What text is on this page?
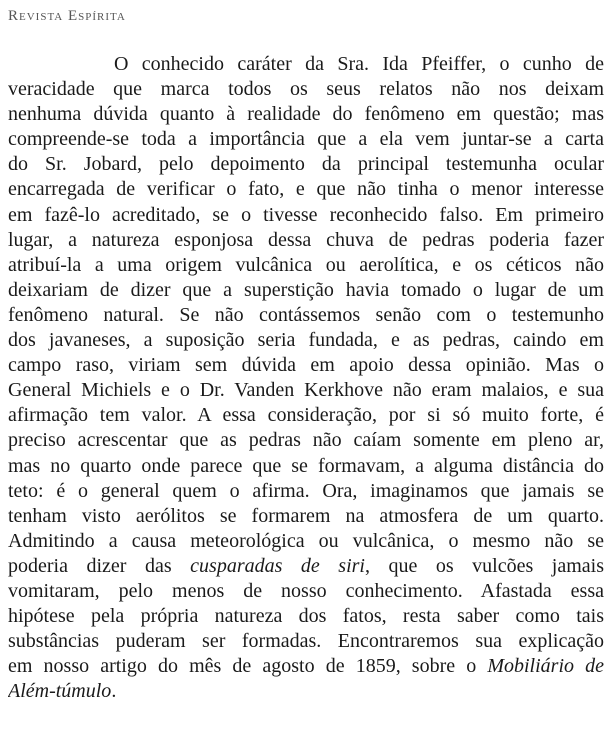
Revista Espírita
O conhecido caráter da Sra. Ida Pfeiffer, o cunho de
veracidade que marca todos os seus relatos não nos deixam
nenhuma dúvida quanto à realidade do fenômeno em questão; mas
compreende-se toda a importância que a ela vem juntar-se a carta
do Sr. Jobard, pelo depoimento da principal testemunha ocular
encarregada de verificar o fato, e que não tinha o menor interesse
em fazê-lo acreditado, se o tivesse reconhecido falso. Em primeiro
lugar, a natureza esponjosa dessa chuva de pedras poderia fazer
atribuí-la a uma origem vulcânica ou aerolítica, e os céticos não
deixariam de dizer que a superstição havia tomado o lugar de um
fenômeno natural. Se não contássemos senão com o testemunho
dos javaneses, a suposição seria fundada, e as pedras, caindo em
campo raso, viriam sem dúvida em apoio dessa opinião. Mas o
General Michiels e o Dr. Vanden Kerkhove não eram malaios, e sua
afirmação tem valor. A essa consideração, por si só muito forte, é
preciso acrescentar que as pedras não caíam somente em pleno ar,
mas no quarto onde parece que se formavam, a alguma distância do
teto: é o general quem o afirma. Ora, imaginamos que jamais se
tenham visto aerólitos se formarem na atmosfera de um quarto.
Admitindo a causa meteorológica ou vulcânica, o mesmo não se
poderia dizer das cusparadas de siri, que os vulcões jamais
vomitaram, pelo menos de nosso conhecimento. Afastada essa
hipótese pela própria natureza dos fatos, resta saber como tais
substâncias puderam ser formadas. Encontraremos sua explicação
em nosso artigo do mês de agosto de 1859, sobre o Mobiliário de
Além-túmulo.
